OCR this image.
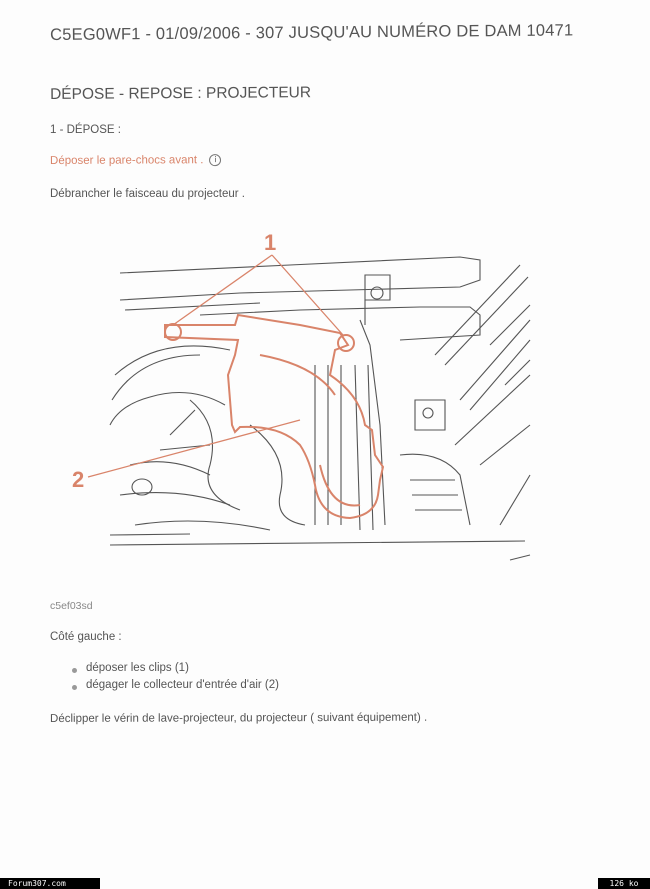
C5EG0WF1 - 01/09/2006 - 307 JUSQU'AU NUMÉRO DE DAM 10471
DÉPOSE - REPOSE : PROJECTEUR
1 - DÉPOSE :
Déposer le pare-chocs avant . i
Débrancher le faisceau du projecteur .
1
2
c5ef03sd
Côté gauche :
déposer les clips (1)
dégager le collecteur d'entrée d'air (2)
Déclipper le vérin de lave-projecteur, du projecteur ( suivant équipement) .
Forum307.com	126 ko
